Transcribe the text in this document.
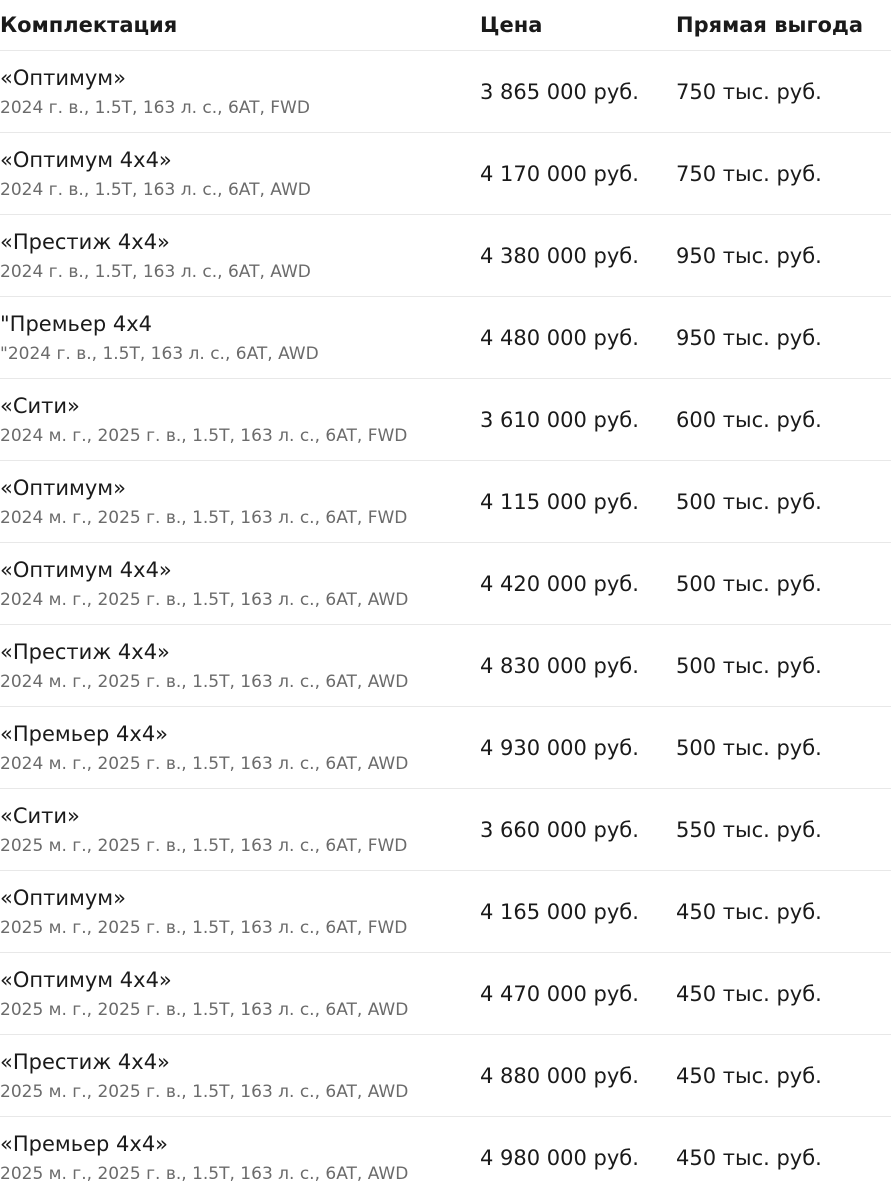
Комплектация	Цена	Прямая выгода
«Оптимум»
2024 г. в., 1.5T, 163 л. с., 6AT, FWD
3 865 000 руб.	750 тыс. руб.
«Оптимум 4х4»
2024 г. в., 1.5T, 163 л. с., 6AT, AWD
4 170 000 руб.	750 тыс. руб.
«Престиж 4х4»
2024 г. в., 1.5T, 163 л. с., 6AT, AWD
4 380 000 руб.	950 тыс. руб.
"Премьер 4x4
"2024 г. в., 1.5T, 163 л. с., 6AT, AWD
4 480 000 руб.	950 тыс. руб.
«Сити»
2024 м. г., 2025 г. в., 1.5T, 163 л. с., 6AT, FWD
3 610 000 руб.	600 тыс. руб.
«Оптимум»
2024 м. г., 2025 г. в., 1.5T, 163 л. с., 6AT, FWD
4 115 000 руб.	500 тыс. руб.
«Оптимум 4х4»
2024 м. г., 2025 г. в., 1.5T, 163 л. с., 6AT, AWD
4 420 000 руб.	500 тыс. руб.
«Престиж 4х4»
2024 м. г., 2025 г. в., 1.5T, 163 л. с., 6AT, AWD
4 830 000 руб.	500 тыс. руб.
«Премьер 4х4»
2024 м. г., 2025 г. в., 1.5T, 163 л. с., 6AT, AWD
4 930 000 руб.	500 тыс. руб.
«Сити»
2025 м. г., 2025 г. в., 1.5T, 163 л. с., 6AT, FWD
3 660 000 руб.	550 тыс. руб.
«Оптимум»
2025 м. г., 2025 г. в., 1.5T, 163 л. с., 6AT, FWD
4 165 000 руб.	450 тыс. руб.
«Оптимум 4х4»
2025 м. г., 2025 г. в., 1.5T, 163 л. с., 6AT, AWD
4 470 000 руб.	450 тыс. руб.
«Престиж 4х4»
2025 м. г., 2025 г. в., 1.5T, 163 л. с., 6AT, AWD
4 880 000 руб.	450 тыс. руб.
«Премьер 4х4»
2025 м. г., 2025 г. в., 1.5T, 163 л. с., 6AT, AWD
4 980 000 руб.	450 тыс. руб.
